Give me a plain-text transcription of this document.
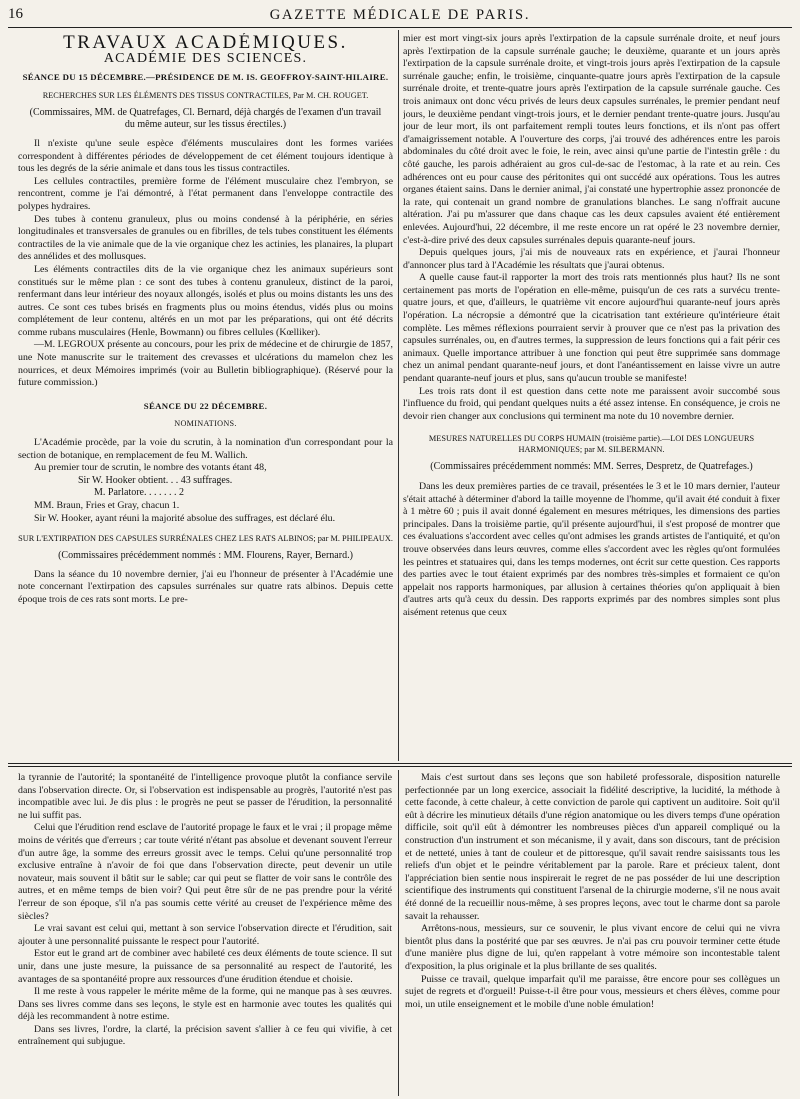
16	GAZETTE MÉDICALE DE PARIS.
TRAVAUX ACADÉMIQUES.
ACADÉMIE DES SCIENCES.
SÉANCE DU 15 DÉCEMBRE.—PRÉSIDENCE DE M. IS. GEOFFROY-SAINT-HILAIRE.
RECHERCHES SUR LES ÉLÉMENTS DES TISSUS CONTRACTILES, Par M. CH. ROUGET.
(Commissaires, MM. de Quatrefages, Cl. Bernard, déjà chargés de l'examen d'un travail du même auteur, sur les tissus érectiles.)

Il n'existe qu'une seule espèce d'éléments musculaires dont les formes variées correspondent à différentes périodes de développement de cet élément toujours identique à tous les degrés de la série animale et dans tous les tissus contractiles.

Les cellules contractiles, première forme de l'élément musculaire chez l'embryon, se rencontrent, comme je l'ai démontré, à l'état permanent dans l'enveloppe contractile des polypes hydraires.

Des tubes à contenu granuleux, plus ou moins condensé à la périphérie, en séries longitudinales et transversales de granules ou en fibrilles, de tels tubes constituent les éléments contractiles de la vie animale que de la vie organique chez les actinies, les planaires, la plupart des annélides et des mollusques.

Les éléments contractiles dits de la vie organique chez les animaux supérieurs sont constitués sur le même plan : ce sont des tubes à contenu granuleux, distinct de la paroi, renfermant dans leur intérieur des noyaux allongés, isolés et plus ou moins distants les uns des autres. Ce sont ces tubes brisés en fragments plus ou moins étendus, vidés plus ou moins complétement de leur contenu, altérés en un mot par les préparations, qui ont été décrits comme rubans musculaires (Henle, Bowmann) ou fibres cellules (Kœlliker).

—M. LEGROUX présente au concours, pour les prix de médecine et de chirurgie de 1857, une Note manuscrite sur le traitement des crevasses et ulcérations du mamelon chez les nourrices, et deux Mémoires imprimés (voir au Bulletin bibliographique). (Réservé pour la future commission.)

SÉANCE DU 22 DÉCEMBRE.
NOMINATIONS.

L'Académie procède, par la voie du scrutin, à la nomination d'un correspondant pour la section de botanique, en remplacement de feu M. Wallich.

Au premier tour de scrutin, le nombre des votants étant 48,

Sir W. Hooker obtient. . . 43 suffrages.
M. Parlatore. . . . . . . 2

MM. Braun, Fries et Gray, chacun 1.

Sir W. Hooker, ayant réuni la majorité absolue des suffrages, est déclaré élu.

SUR L'EXTIRPATION DES CAPSULES SURRÉNALES CHEZ LES RATS ALBINOS; par M. PHILIPEAUX.
(Commissaires précédemment nommés : MM. Flourens, Rayer, Bernard.)

Dans la séance du 10 novembre dernier, j'ai eu l'honneur de présenter à l'Académie une note concernant l'extirpation des capsules surrénales sur quatre rats albinos. Depuis cette époque trois de ces rats sont morts. Le pre-

mier est mort vingt-six jours après l'extirpation de la capsule surrénale droite, et neuf jours après l'extirpation de la capsule surrénale gauche; le deuxième, quarante et un jours après l'extirpation de la capsule surrénale droite, et vingt-trois jours après l'extirpation de la capsule surrénale gauche; enfin, le troisième, cinquante-quatre jours après l'extirpation de la capsule surrénale droite, et trente-quatre jours après l'extirpation de la capsule surrénale gauche. Ces trois animaux ont donc vécu privés de leurs deux capsules surrénales, le premier pendant neuf jours, le deuxième pendant vingt-trois jours, et le dernier pendant trente-quatre jours. Jusqu'au jour de leur mort, ils ont parfaitement rempli toutes leurs fonctions, et ils n'ont pas offert d'amaigrissement notable. A l'ouverture des corps, j'ai trouvé des adhérences entre les parois abdominales du côté droit avec le foie, le rein, avec ainsi qu'une partie de l'intestin grêle : du côté gauche, les parois adhéraient au gros cul-de-sac de l'estomac, à la rate et au rein. Ces adhérences ont eu pour cause des péritonites qui ont succédé aux opérations. Tous les autres organes étaient sains. Dans le dernier animal, j'ai constaté une hypertrophie assez prononcée de la rate, qui contenait un grand nombre de granulations blanches. Le sang n'offrait aucune altération. J'ai pu m'assurer que dans chaque cas les deux capsules avaient été entièrement enlevées. Aujourd'hui, 22 décembre, il me reste encore un rat opéré le 23 novembre dernier, c'est-à-dire privé des deux capsules surrénales depuis quarante-neuf jours.

Depuis quelques jours, j'ai mis de nouveaux rats en expérience, et j'aurai l'honneur d'annoncer plus tard à l'Académie les résultats que j'aurai obtenus.

A quelle cause faut-il rapporter la mort des trois rats mentionnés plus haut? Ils ne sont certainement pas morts de l'opération en elle-même, puisqu'un de ces rats a survécu trente-quatre jours, et que, d'ailleurs, le quatrième vit encore aujourd'hui quarante-neuf jours après l'opération. La nécropsie a démontré que la cicatrisation tant extérieure qu'intérieure était complète. Les mêmes réflexions pourraient servir à prouver que ce n'est pas la privation des capsules surrénales, ou, en d'autres termes, la suppression de leurs fonctions qui a fait périr ces animaux. Quelle importance attribuer à une fonction qui peut être supprimée sans dommage chez un animal pendant quarante-neuf jours, et dont l'anéantissement en laisse vivre un autre pendant quarante-neuf jours et plus, sans qu'aucun trouble se manifeste!

Les trois rats dont il est question dans cette note me paraissent avoir succombé sous l'influence du froid, qui pendant quelques nuits a été assez intense. En conséquence, je crois ne devoir rien changer aux conclusions qui terminent ma note du 10 novembre dernier.

MESURES NATURELLES DU CORPS HUMAIN (troisième partie).—LOI DES LONGUEURS HARMONIQUES; par M. SILBERMANN.
(Commissaires précédemment nommés: MM. Serres, Despretz, de Quatrefages.)

Dans les deux premières parties de ce travail, présentées le 3 et le 10 mars dernier, l'auteur s'était attaché à déterminer d'abord la taille moyenne de l'homme, qu'il avait été conduit à fixer à 1 mètre 60 ; puis il avait donné également en mesures métriques, les dimensions des parties principales. Dans la troisième partie, qu'il présente aujourd'hui, il s'est proposé de montrer que ces évaluations s'accordent avec celles qu'ont admises les grands artistes de l'antiquité, et qu'on trouve observées dans leurs œuvres, comme elles s'accordent avec les règles qu'ont formulées les peintres et statuaires qui, dans les temps modernes, ont écrit sur cette question. Ces rapports des parties avec le tout étaient exprimés par des nombres très-simples et formaient ce qu'on appelait nos rapports harmoniques, par allusion à certaines théories qu'on appliquait à bien d'autres arts qu'à ceux du dessin. Des rapports exprimés par des nombres simples sont plus aisément retenus que ceux

la tyrannie de l'autorité; la spontanéité de l'intelligence provoque plutôt la confiance servile dans l'observation directe. Or, si l'observation est indispensable au progrès, l'autorité n'est pas incompatible avec lui. Je dis plus : le progrès ne peut se passer de l'érudition, la personnalité ne lui suffit pas.

Celui que l'érudition rend esclave de l'autorité propage le faux et le vrai ; il propage même moins de vérités que d'erreurs ; car toute vérité n'étant pas absolue et devenant souvent l'erreur d'un autre âge, la somme des erreurs grossit avec le temps. Celui qu'une personnalité trop exclusive entraîne à n'avoir de foi que dans l'observation directe, peut devenir un utile novateur, mais souvent il bâtit sur le sable; car qui peut se flatter de voir sans le contrôle des autres, et en même temps de bien voir? Qui peut être sûr de ne pas prendre pour la vérité l'erreur de son époque, s'il n'a pas soumis cette vérité au creuset de l'expérience même des siècles?

Le vrai savant est celui qui, mettant à son service l'observation directe et l'érudition, sait ajouter à une personnalité puissante le respect pour l'autorité.

Estor eut le grand art de combiner avec habileté ces deux éléments de toute science. Il sut unir, dans une juste mesure, la puissance de sa personnalité au respect de l'autorité, les avantages de sa spontanéité propre aux ressources d'une érudition étendue et choisie.

Il me reste à vous rappeler le mérite même de la forme, qui ne manque pas à ses œuvres. Dans ses livres comme dans ses leçons, le style est en harmonie avec toutes les qualités qui déjà les recommandent à notre estime.

Dans ses livres, l'ordre, la clarté, la précision savent s'allier à ce feu qui vivifie, à cet entraînement qui subjugue.

Mais c'est surtout dans ses leçons que son habileté professorale, disposition naturelle perfectionnée par un long exercice, associait la fidélité descriptive, la lucidité, la méthode à cette faconde, à cette chaleur, à cette conviction de parole qui captivent un auditoire. Soit qu'il eût à décrire les minutieux détails d'une région anatomique ou les divers temps d'une opération difficile, soit qu'il eût à démontrer les nombreuses pièces d'un appareil compliqué ou la construction d'un instrument et son mécanisme, il y avait, dans son discours, tant de précision et de netteté, unies à tant de couleur et de pittoresque, qu'il savait rendre saisissants tous les reliefs d'un objet et le peindre véritablement par la parole. Rare et précieux talent, dont l'appréciation bien sentie nous inspirerait le regret de ne pas posséder de lui une description scientifique des instruments qui constituent l'arsenal de la chirurgie moderne, s'il ne nous avait été donné de la recueillir nous-même, à ses propres leçons, avec tout le charme dont sa parole savait la rehausser.

Arrêtons-nous, messieurs, sur ce souvenir, le plus vivant encore de celui qui ne vivra bientôt plus dans la postérité que par ses œuvres. Je n'ai pas cru pouvoir terminer cette étude d'une manière plus digne de lui, qu'en rappelant à votre mémoire son incontestable talent d'exposition, la plus originale et la plus brillante de ses qualités.

Puisse ce travail, quelque imparfait qu'il me paraisse, être encore pour ses collègues un sujet de regrets et d'orgueil! Puisse-t-il être pour vous, messieurs et chers élèves, comme pour moi, un utile enseignement et le mobile d'une noble émulation!
